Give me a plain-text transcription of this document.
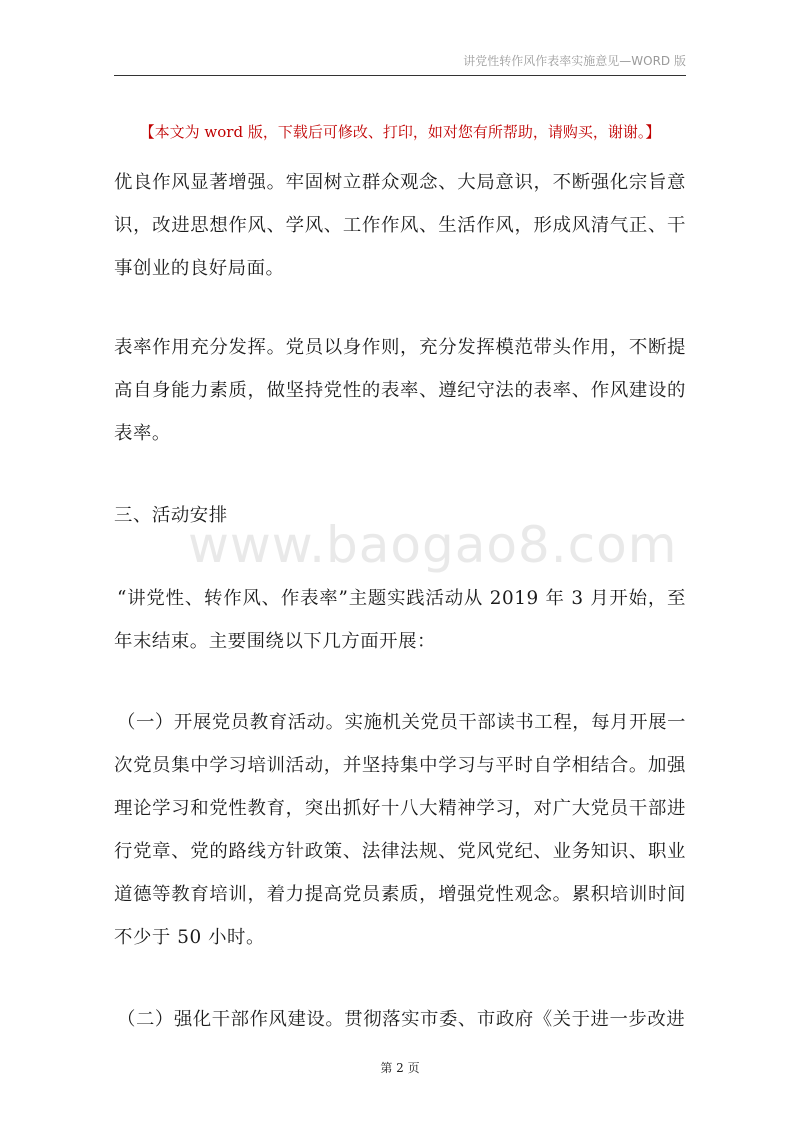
讲党性转作风作表率实施意见—WORD 版
【本文为 word 版，下载后可修改、打印，如对您有所帮助，请购买，谢谢。】
www.baogao8.com
优良作风显著增强。牢固树立群众观念、大局意识，不断强化宗旨意识，改进思想作风、学风、工作作风、生活作风，形成风清气正、干事创业的良好局面。
表率作用充分发挥。党员以身作则，充分发挥模范带头作用，不断提高自身能力素质，做坚持党性的表率、遵纪守法的表率、作风建设的表率。
三、活动安排
“讲党性、转作风、作表率”主题实践活动从 2019 年 3 月开始，至年末结束。主要围绕以下几方面开展：
（一）开展党员教育活动。实施机关党员干部读书工程，每月开展一次党员集中学习培训活动，并坚持集中学习与平时自学相结合。加强理论学习和党性教育，突出抓好十八大精神学习，对广大党员干部进行党章、党的路线方针政策、法律法规、党风党纪、业务知识、职业道德等教育培训，着力提高党员素质，增强党性观念。累积培训时间不少于 50 小时。
（二）强化干部作风建设。贯彻落实市委、市政府《关于进一步改进
第 2 页
